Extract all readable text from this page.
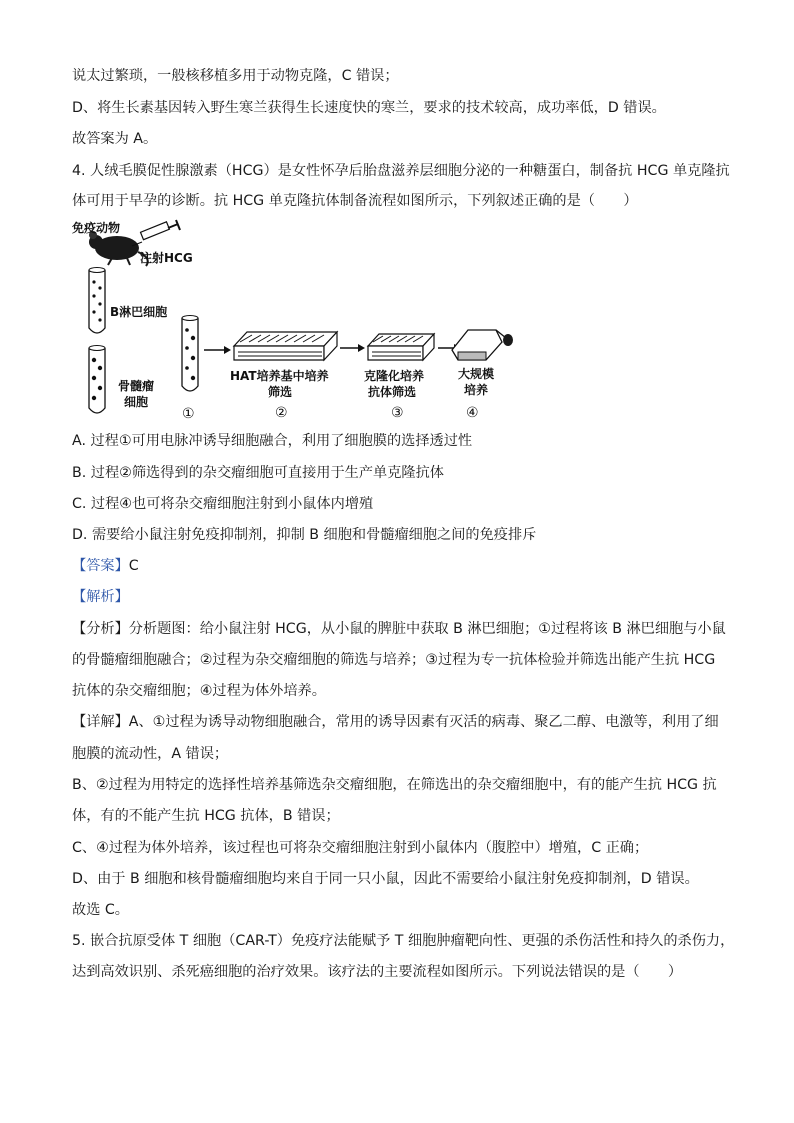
说太过繁琐，一般核移植多用于动物克隆，C 错误；
D、将生长素基因转入野生寒兰获得生长速度快的寒兰，要求的技术较高，成功率低，D 错误。
故答案为 A。
4. 人绒毛膜促性腺激素（HCG）是女性怀孕后胎盘滋养层细胞分泌的一种糖蛋白，制备抗 HCG 单克隆抗
体可用于早孕的诊断。抗 HCG 单克隆抗体制备流程如图所示，下列叙述正确的是（　　）
免疫动物
注射HCG
B淋巴细胞
骨髓瘤
细胞
①
HAT培养基中培养
筛选
②
克隆化培养
抗体筛选
③
大规模
培养
④
A. 过程①可用电脉冲诱导细胞融合，利用了细胞膜的选择透过性
B. 过程②筛选得到的杂交瘤细胞可直接用于生产单克隆抗体
C. 过程④也可将杂交瘤细胞注射到小鼠体内增殖
D. 需要给小鼠注射免疫抑制剂，抑制 B 细胞和骨髓瘤细胞之间的免疫排斥
【答案】C
【解析】
【分析】分析题图：给小鼠注射 HCG，从小鼠的脾脏中获取 B 淋巴细胞；①过程将该 B 淋巴细胞与小鼠
的骨髓瘤细胞融合；②过程为杂交瘤细胞的筛选与培养；③过程为专一抗体检验并筛选出能产生抗 HCG
抗体的杂交瘤细胞；④过程为体外培养。
【详解】A、①过程为诱导动物细胞融合，常用的诱导因素有灭活的病毒、聚乙二醇、电激等，利用了细
胞膜的流动性，A 错误；
B、②过程为用特定的选择性培养基筛选杂交瘤细胞，在筛选出的杂交瘤细胞中，有的能产生抗 HCG 抗
体，有的不能产生抗 HCG 抗体，B 错误；
C、④过程为体外培养，该过程也可将杂交瘤细胞注射到小鼠体内（腹腔中）增殖，C 正确；
D、由于 B 细胞和核骨髓瘤细胞均来自于同一只小鼠，因此不需要给小鼠注射免疫抑制剂，D 错误。
故选 C。
5. 嵌合抗原受体 T 细胞（CAR-T）免疫疗法能赋予 T 细胞肿瘤靶向性、更强的杀伤活性和持久的杀伤力，
达到高效识别、杀死癌细胞的治疗效果。该疗法的主要流程如图所示。下列说法错误的是（　　）
